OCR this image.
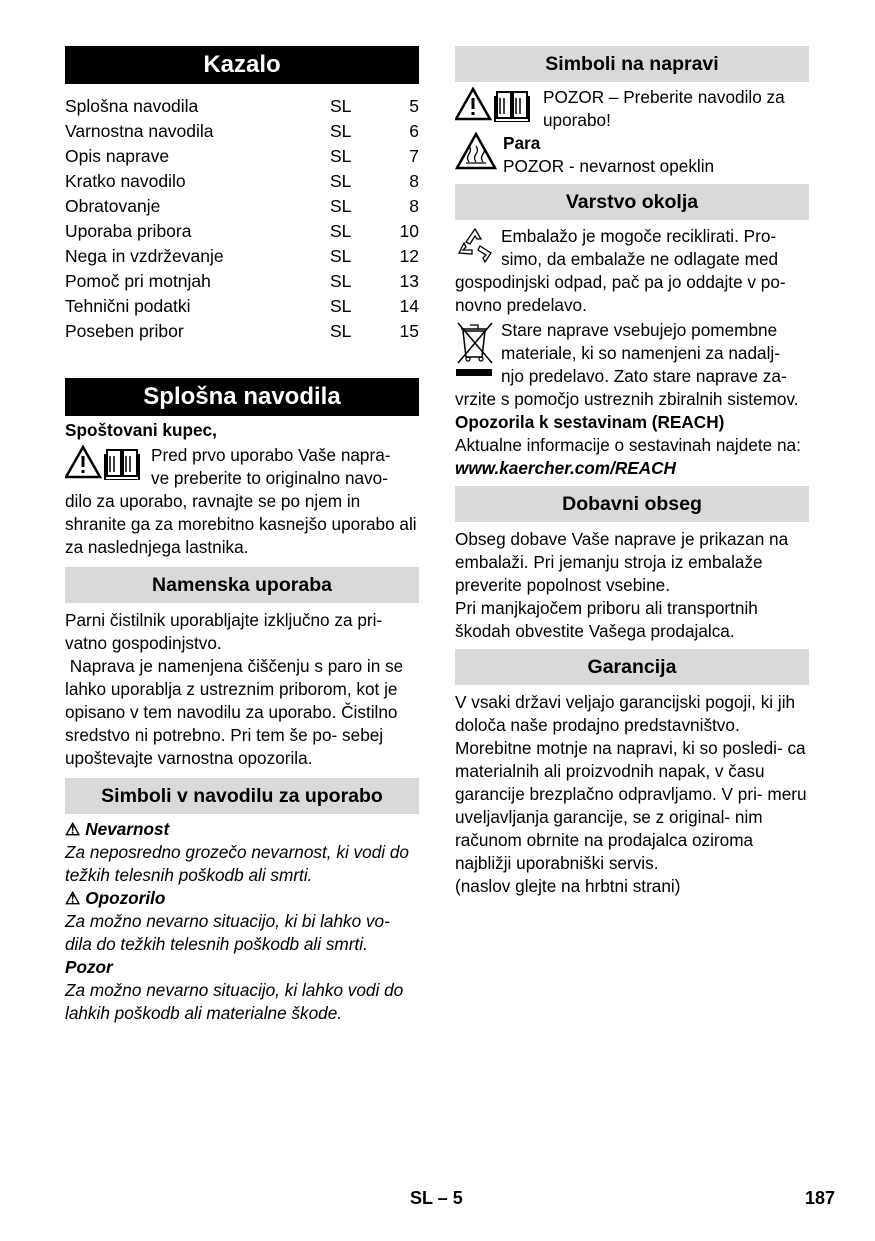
Kazalo
Splošna navodila	SL	5
Varnostna navodila	SL	6
Opis naprave	SL	7
Kratko navodilo	SL	8
Obratovanje	SL	8
Uporaba pribora	SL	10
Nega in vzdrževanje	SL	12
Pomoč pri motnjah	SL	13
Tehnični podatki	SL	14
Poseben pribor	SL	15
Splošna navodila

Spoštovani kupec,

Pred prvo uporabo Vaše napra-

ve preberite to originalno navo-

dilo za uporabo, ravnajte se po njem in shranite ga za morebitno kasnejšo uporabo ali za naslednjega lastnika.

Namenska uporaba

Parni čistilnik uporabljajte izključno za pri- vatno gospodinjstvo.

Naprava je namenjena čiščenju s paro in se lahko uporablja z ustreznim priborom, kot je opisano v tem navodilu za uporabo. Čistilno sredstvo ni potrebno. Pri tem še po- sebej upoštevajte varnostna opozorila.

Simboli v navodilu za uporabo

⚠ Nevarnost

Za neposredno grozečo nevarnost, ki vodi do težkih telesnih poškodb ali smrti.

⚠ Opozorilo

Za možno nevarno situacijo, ki bi lahko vo- dila do težkih telesnih poškodb ali smrti.

Pozor

Za možno nevarno situacijo, ki lahko vodi do lahkih poškodb ali materialne škode.

Simboli na napravi

POZOR – Preberite navodilo za

uporabo!

Para

POZOR - nevarnost opeklin

Varstvo okolja

Embalažo je mogoče reciklirati. Pro-

simo, da embalaže ne odlagate med

gospodinjski odpad, pač pa jo oddajte v po- novno predelavo.

Stare naprave vsebujejo pomembne

materiale, ki so namenjeni za nadalj-

njo predelavo. Zato stare naprave za-

vrzite s pomočjo ustreznih zbiralnih sistemov.

Opozorila k sestavinam (REACH)

Aktualne informacije o sestavinah najdete na:

www.kaercher.com/REACH

Dobavni obseg

Obseg dobave Vaše naprave je prikazan na embalaži. Pri jemanju stroja iz embalaže preverite popolnost vsebine.

Pri manjkajočem priboru ali transportnih škodah obvestite Vašega prodajalca.

Garancija

V vsaki državi veljajo garancijski pogoji, ki jih določa naše prodajno predstavništvo. Morebitne motnje na napravi, ki so posledi- ca materialnih ali proizvodnih napak, v času garancije brezplačno odpravljamo. V pri- meru uveljavljanja garancije, se z original- nim računom obrnite na prodajalca oziroma najbližji uporabniški servis.

(naslov glejte na hrbtni strani)

SL – 5	187
